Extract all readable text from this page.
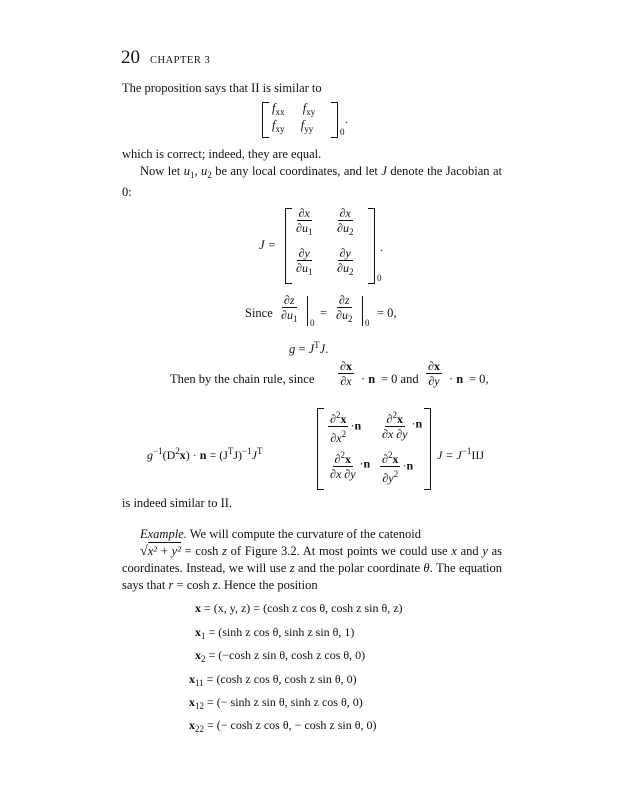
20 CHAPTER 3
The proposition says that II is similar to
$f_{xx}$ $f_{xy}$
$f_{xy}$ $f_{yy}$	0
.
which is correct; indeed, they are equal.
Now let $u_1$, $u_2$ be any local coordinates, and let J denote the Jacobian at 0:
J =
$\frac{\partial x}{\partial u_1} \frac{\partial x}{\partial u_2}$
$\frac{\partial y}{\partial u_1} \frac{\partial y}{\partial u_2} 0$
.
Since $\frac{\partial z}{\partial u_1} 0$
= $\frac{\partial z}{\partial u_2} 0$
= 0,
$g = J^TJ$.
Then by the chain rule, since $\frac{\partial x}{\partial x} \cdot n = 0$ and $\frac{\partial x}{\partial y} \cdot n = 0$,
$g^{-1}(D^2x) \cdot n = (J^TJ)^{-1}J^T$
$\frac{\partial^2x}{\partial x^2} \cdot n \frac{\partial^2x}{\partial x \partial y} \cdot n$
$\frac{\partial^2x}{\partial x \partial y} \cdot n \frac{\partial^2x}{\partial y^2} \cdot n$
$J = J^{-1}IIJ$
is indeed similar to II.
Example. We will compute the curvature of the catenoid
√x² + y² = cosh z of Figure 3.2. At most points we could use x and y as coordinates. Instead, we will use z and the polar coordinate θ. The equation says that r = cosh z. Hence the position
x = (x, y, z) = (cosh z cos θ, cosh z sin θ, z)
$x_1 = (\sinh$ z cos θ, sinh z sin θ, 1)
$x_2 = (-\cosh$ z sin θ, cosh z cos θ, 0)
$x_{11} = (\cosh$ z cos θ, cosh z sin θ, 0)
$x_{12}$ = (− sinh z sin θ, sinh z cos θ, 0)
$x_{22}$ = (− cosh z cos θ, − cosh z sin θ, 0)
